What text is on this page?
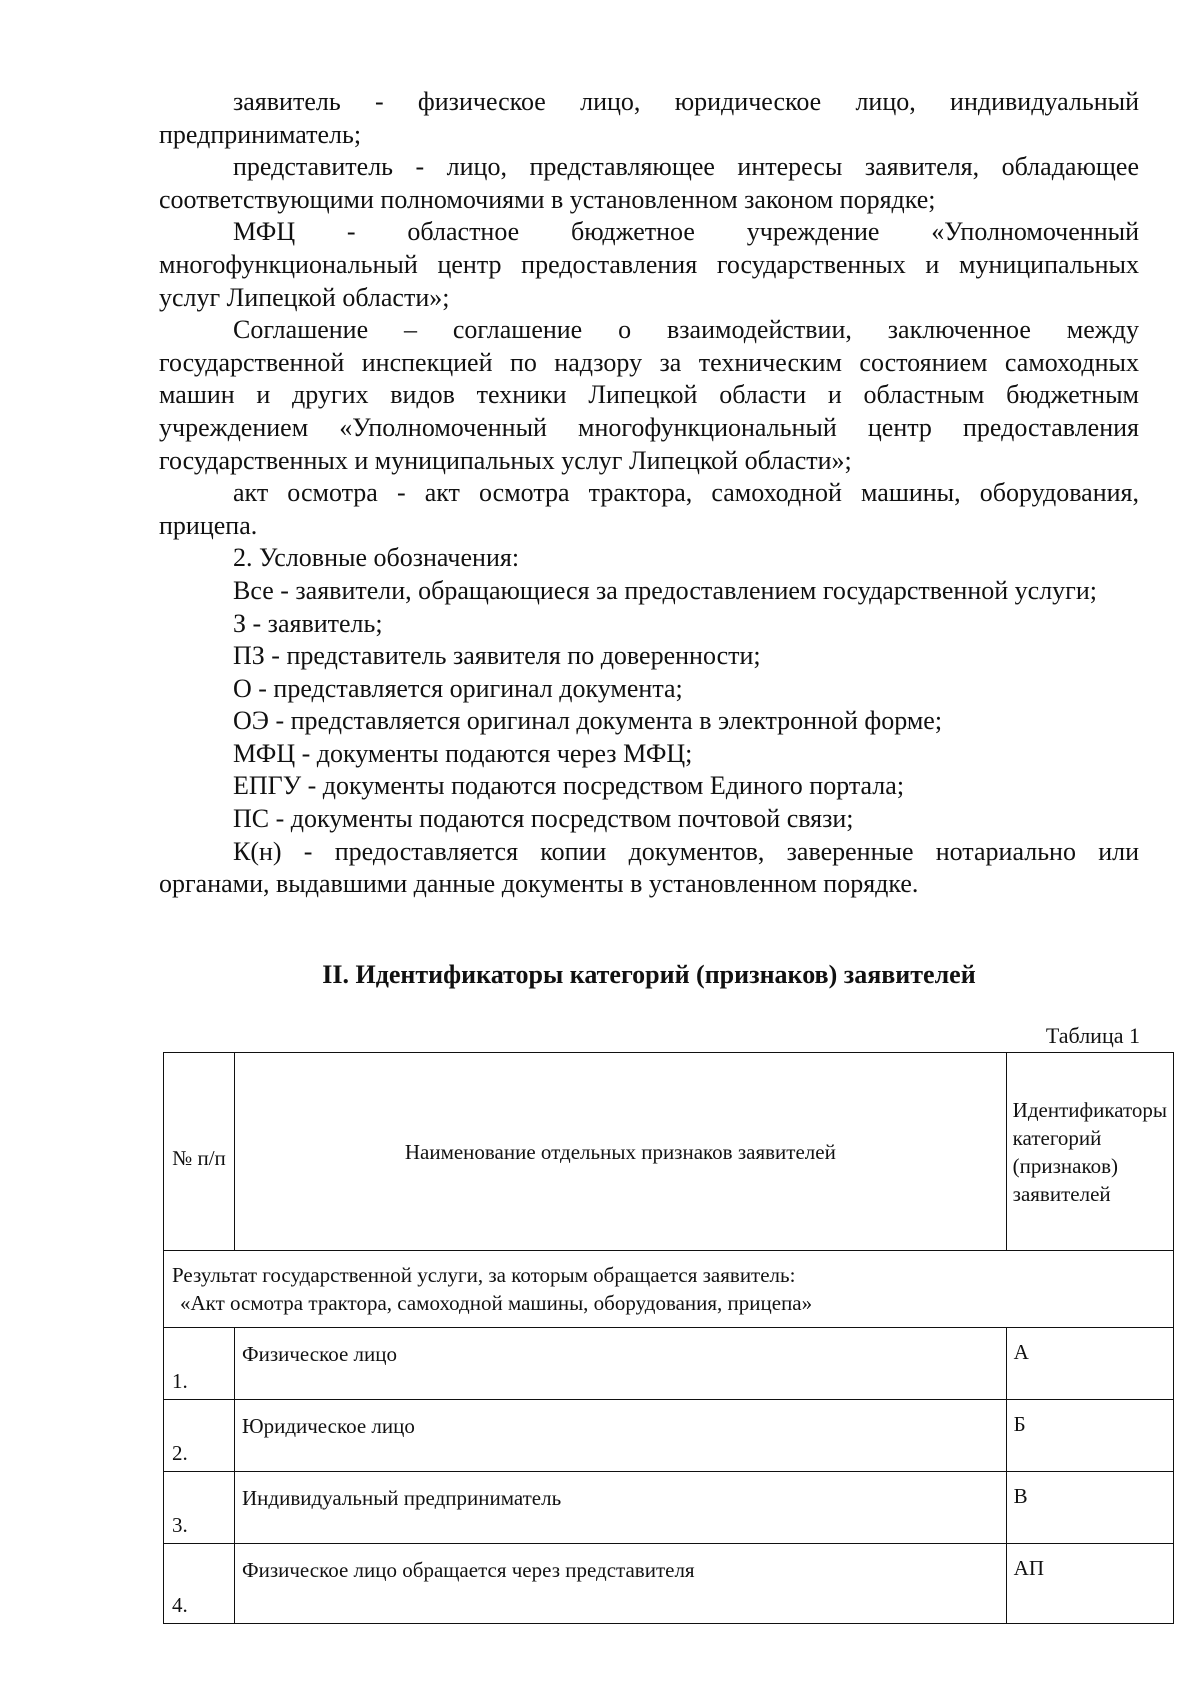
заявитель - физическое лицо, юридическое лицо, индивидуальный предприниматель;

представитель - лицо, представляющее интересы заявителя, обладающее соответствующими полномочиями в установленном законом порядке;

МФЦ - областное бюджетное учреждение «Уполномоченный многофункциональный центр предоставления государственных и муниципальных услуг Липецкой области»;

Соглашение – соглашение о взаимодействии, заключенное между государственной инспекцией по надзору за техническим состоянием самоходных машин и других видов техники Липецкой области и областным бюджетным учреждением «Уполномоченный многофункциональный центр предоставления государственных и муниципальных услуг Липецкой области»;

акт осмотра - акт осмотра трактора, самоходной машины, оборудования, прицепа.

2. Условные обозначения:

Все - заявители, обращающиеся за предоставлением государственной услуги;

З - заявитель;

ПЗ - представитель заявителя по доверенности;

О - представляется оригинал документа;

ОЭ - представляется оригинал документа в электронной форме;

МФЦ - документы подаются через МФЦ;

ЕПГУ - документы подаются посредством Единого портала;

ПС - документы подаются посредством почтовой связи;

К(н) - предоставляется копии документов, заверенные нотариально или органами, выдавшими данные документы в установленном порядке.

II. Идентификаторы категорий (признаков) заявителей

Таблица 1

№ п/п	Наименование отдельных признаков заявителей	Идентификаторы категорий (признаков) заявителей

Результат государственной услуги, за которым обращается заявитель:
«Акт осмотра трактора, самоходной машины, оборудования, прицепа»		

1.	Физическое лицо	А
2.	Юридическое лицо	Б
3.	Индивидуальный предприниматель	В
4.	Физическое лицо обращается через представителя	АП
